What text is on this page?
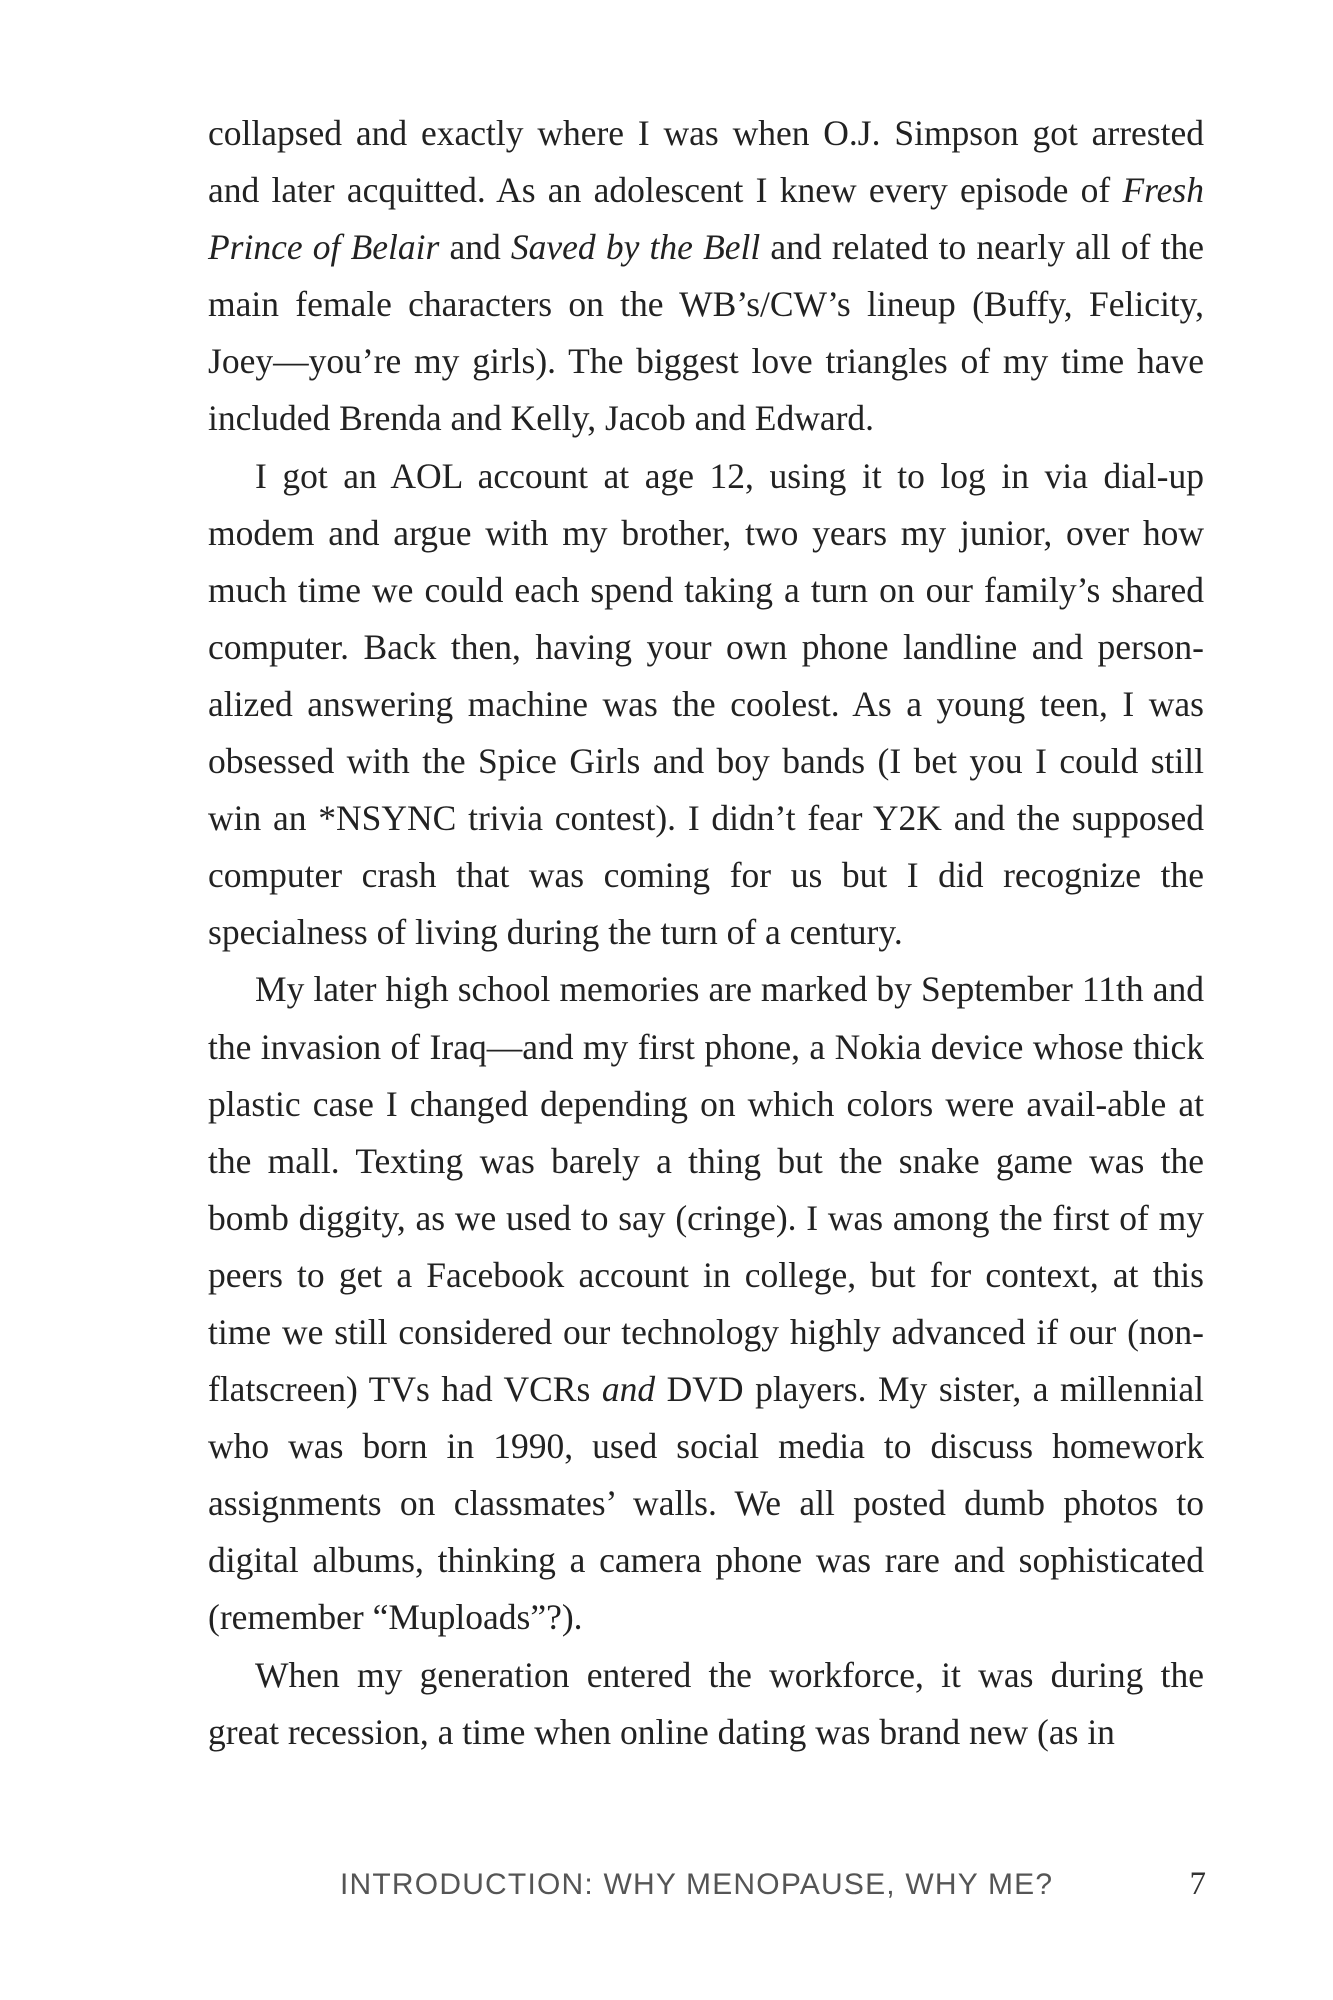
collapsed and exactly where I was when O.J. Simpson got arrested and later acquitted. As an adolescent I knew every episode of Fresh Prince of Belair and Saved by the Bell and related to nearly all of the main female characters on the WB’s/CW’s lineup (Buffy, Felicity, Joey—you’re my girls). The biggest love triangles of my time have included Brenda and Kelly, Jacob and Edward.

I got an AOL account at age 12, using it to log in via dial-up modem and argue with my brother, two years my junior, over how much time we could each spend taking a turn on our family’s shared computer. Back then, having your own phone landline and person-alized answering machine was the coolest. As a young teen, I was obsessed with the Spice Girls and boy bands (I bet you I could still win an *NSYNC trivia contest). I didn’t fear Y2K and the supposed computer crash that was coming for us but I did recognize the specialness of living during the turn of a century.

My later high school memories are marked by September 11th and the invasion of Iraq—and my first phone, a Nokia device whose thick plastic case I changed depending on which colors were avail-able at the mall. Texting was barely a thing but the snake game was the bomb diggity, as we used to say (cringe). I was among the first of my peers to get a Facebook account in college, but for context, at this time we still considered our technology highly advanced if our (non-flatscreen) TVs had VCRs and DVD players. My sister, a millennial who was born in 1990, used social media to discuss homework assignments on classmates’ walls. We all posted dumb photos to digital albums, thinking a camera phone was rare and sophisticated (remember “Muploads”?).

When my generation entered the workforce, it was during the great recession, a time when online dating was brand new (as in

INTRODUCTION: WHY MENOPAUSE, WHY ME?	7
